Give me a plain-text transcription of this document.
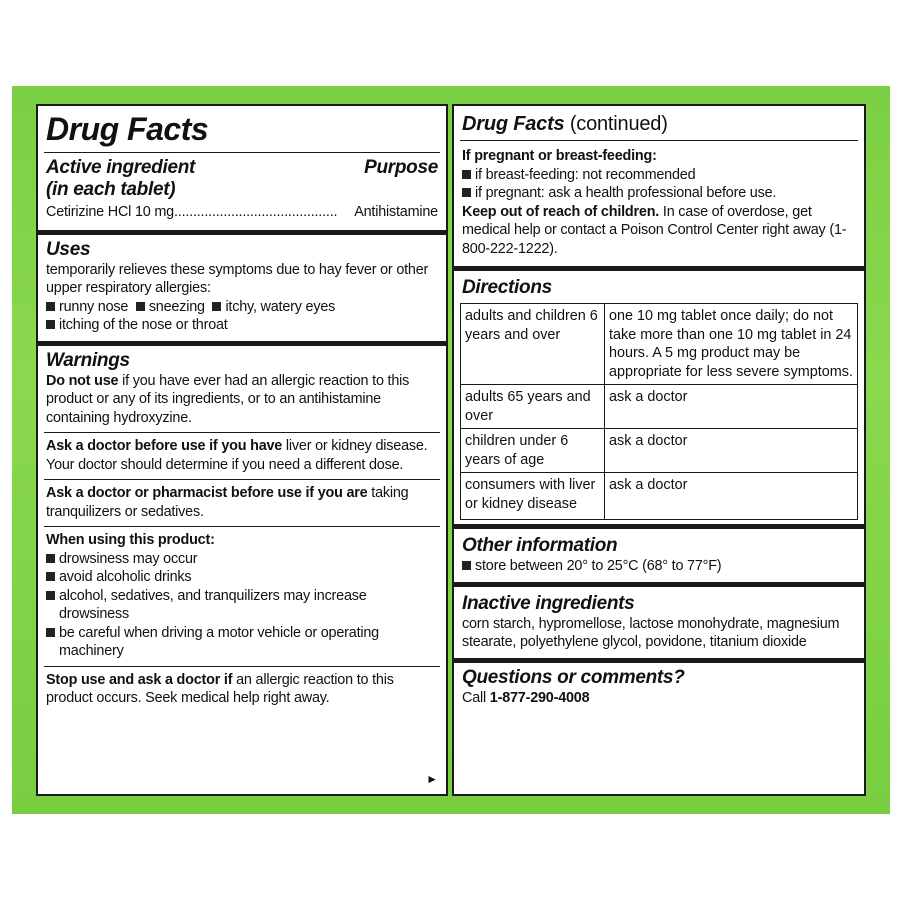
Drug Facts
Active ingredient
(in each tablet)
Purpose
Cetirizine HCl 10 mg ...........................................	Antihistamine
Uses
temporarily relieves these symptoms due to hay fever or other upper respiratory allergies:
runny nose sneezing itchy, watery eyes
itching of the nose or throat
Warnings
Do not use if you have ever had an allergic reaction to this product or any of its ingredients, or to an antihistamine containing hydroxyzine.
Ask a doctor before use if you have liver or kidney disease. Your doctor should determine if you need a different dose.
Ask a doctor or pharmacist before use if you are taking tranquilizers or sedatives.
When using this product:
drowsiness may occur
avoid alcoholic drinks
alcohol, sedatives, and tranquilizers may increase drowsiness
be careful when driving a motor vehicle or operating machinery
Stop use and ask a doctor if an allergic reaction to this product occurs. Seek medical help right away.
►
Drug Facts (continued)
If pregnant or breast-feeding:
if breast-feeding: not recommended
if pregnant: ask a health professional before use.
Keep out of reach of children. In case of overdose, get medical help or contact a Poison Control Center right away (1-800-222-1222).
Directions
adults and children 6 years and over	one 10 mg tablet once daily; do not take more than one 10 mg tablet in 24 hours. A 5 mg product may be appropriate for less severe symptoms.
adults 65 years and over	ask a doctor
children under 6 years of age	ask a doctor
consumers with liver or kidney disease	ask a doctor
Other information
store between 20° to 25°C (68° to 77°F)
Inactive ingredients
corn starch, hypromellose, lactose monohydrate, magnesium stearate, polyethylene glycol, povidone, titanium dioxide
Questions or comments?
Call 1-877-290-4008
